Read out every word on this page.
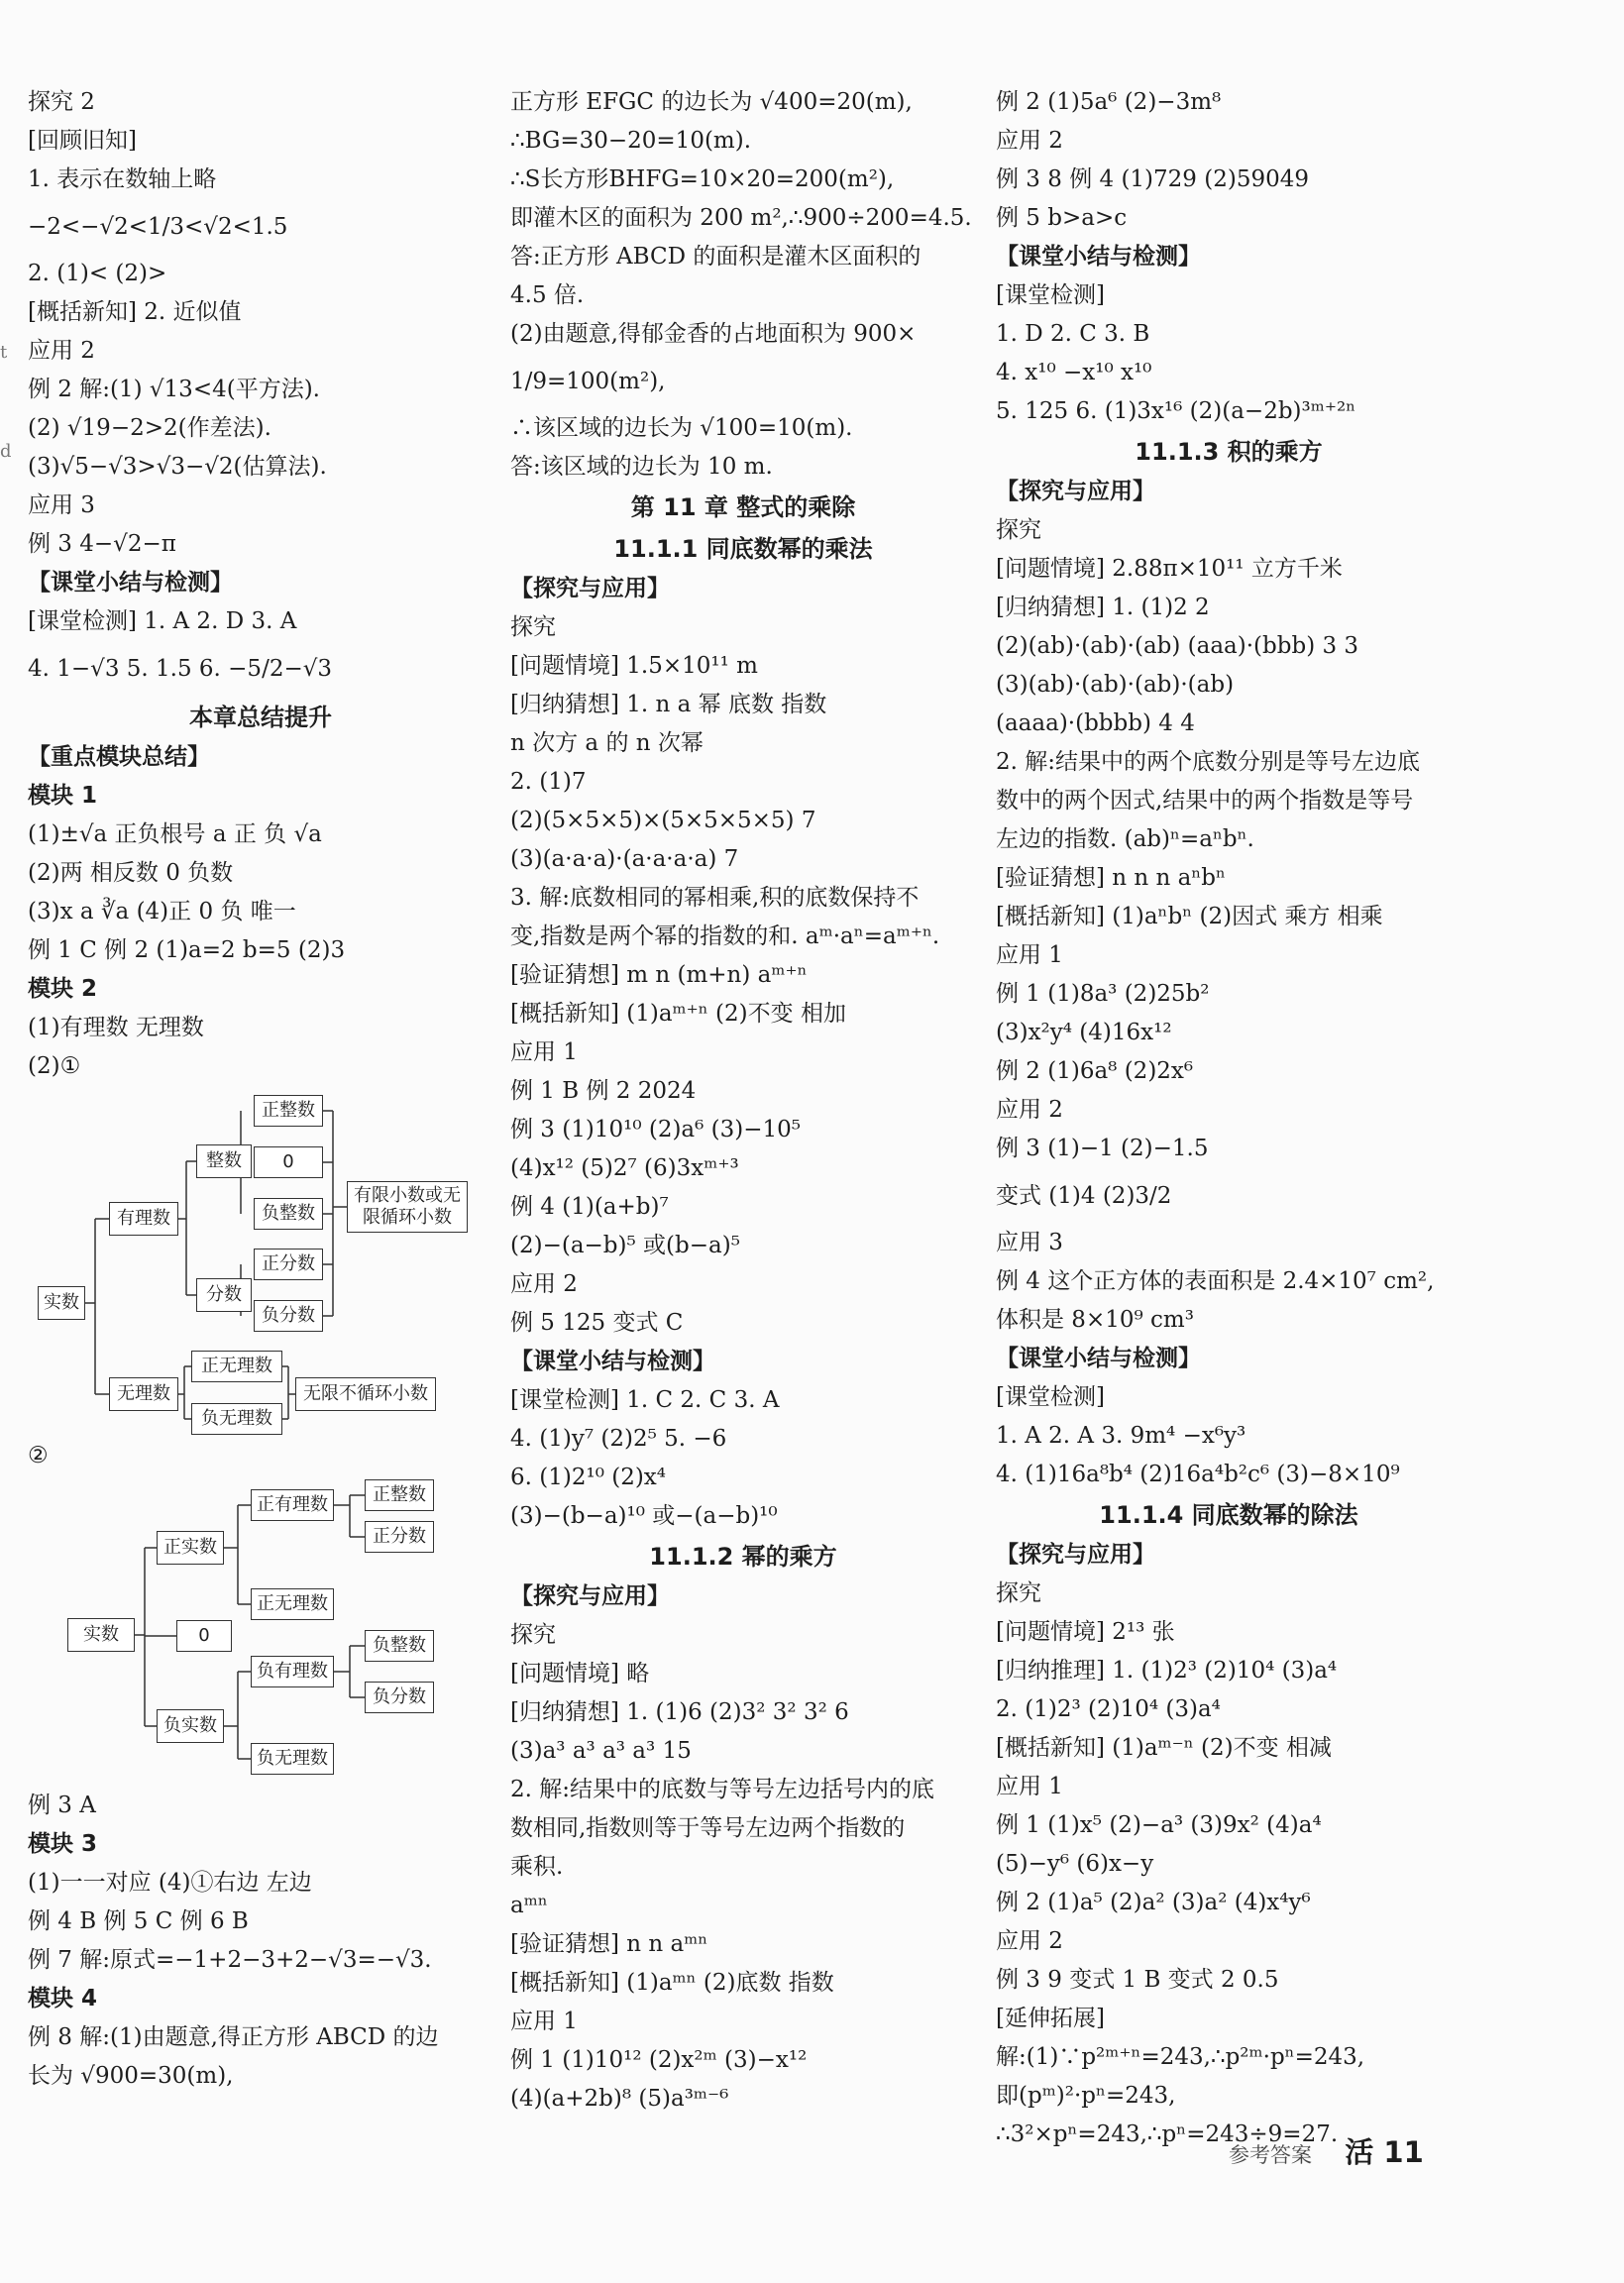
探究 2
[回顾旧知]
1. 表示在数轴上略
−2<−√2<1/3<√2<1.5
2. (1)< (2)>
[概括新知] 2. 近似值
应用 2
例 2 解:(1) √13<4(平方法).
(2) √19−2>2(作差法).
(3)√5−√3>√3−√2(估算法).
应用 3
例 3 4−√2−π
【课堂小结与检测】
[课堂检测] 1. A 2. D 3. A
4. 1−√3 5. 1.5 6. −5/2−√3
本章总结提升
【重点模块总结】
模块 1
(1)±√a 正负根号 a 正 负 √a
(2)两 相反数 0 负数
(3)x a ∛a (4)正 0 负 唯一
例 1 C 例 2 (1)a=2 b=5 (2)3
模块 2
(1)有理数 无理数
(2)①
实数
有理数
无理数
整数
分数
正整数
0
负整数
正分数
负分数
有限小数或无限循环小数
正无理数
负无理数
无限不循环小数
②
实数
正实数
0
负实数
正有理数
正无理数
负有理数
负无理数
正整数
正分数
负整数
负分数
例 3 A
模块 3
(1)一一对应 (4)①右边 左边
例 4 B 例 5 C 例 6 B
例 7 解:原式=−1+2−3+2−√3=−√3.
模块 4
例 8 解:(1)由题意,得正方形 ABCD 的边
长为 √900=30(m),
正方形 EFGC 的边长为 √400=20(m),
∴BG=30−20=10(m).
∴S长方形BHFG=10×20=200(m²),
即灌木区的面积为 200 m²,∴900÷200=4.5.
答:正方形 ABCD 的面积是灌木区面积的
4.5 倍.
(2)由题意,得郁金香的占地面积为 900×
1/9=100(m²),
∴该区域的边长为 √100=10(m).
答:该区域的边长为 10 m.
第 11 章 整式的乘除
11.1.1 同底数幂的乘法
【探究与应用】
探究
[问题情境] 1.5×10¹¹ m
[归纳猜想] 1. n a 幂 底数 指数
n 次方 a 的 n 次幂
2. (1)7
(2)(5×5×5)×(5×5×5×5) 7
(3)(a·a·a)·(a·a·a·a) 7
3. 解:底数相同的幂相乘,积的底数保持不
变,指数是两个幂的指数的和. aᵐ·aⁿ=aᵐ⁺ⁿ.
[验证猜想] m n (m+n) aᵐ⁺ⁿ
[概括新知] (1)aᵐ⁺ⁿ (2)不变 相加
应用 1
例 1 B 例 2 2024
例 3 (1)10¹⁰ (2)a⁶ (3)−10⁵
(4)x¹² (5)2⁷ (6)3xᵐ⁺³
例 4 (1)(a+b)⁷
(2)−(a−b)⁵ 或(b−a)⁵
应用 2
例 5 125 变式 C
【课堂小结与检测】
[课堂检测] 1. C 2. C 3. A
4. (1)y⁷ (2)2⁵ 5. −6
6. (1)2¹⁰ (2)x⁴
(3)−(b−a)¹⁰ 或−(a−b)¹⁰
11.1.2 幂的乘方
【探究与应用】
探究
[问题情境] 略
[归纳猜想] 1. (1)6 (2)3² 3² 3² 6
(3)a³ a³ a³ a³ 15
2. 解:结果中的底数与等号左边括号内的底
数相同,指数则等于等号左边两个指数的
乘积.
aᵐⁿ
[验证猜想] n n aᵐⁿ
[概括新知] (1)aᵐⁿ (2)底数 指数
应用 1
例 1 (1)10¹² (2)x²ᵐ (3)−x¹²
(4)(a+2b)⁸ (5)a³ᵐ⁻⁶
例 2 (1)5a⁶ (2)−3m⁸
应用 2
例 3 8 例 4 (1)729 (2)59049
例 5 b>a>c
【课堂小结与检测】
[课堂检测]
1. D 2. C 3. B
4. x¹⁰ −x¹⁰ x¹⁰
5. 125 6. (1)3x¹⁶ (2)(a−2b)³ᵐ⁺²ⁿ
11.1.3 积的乘方
【探究与应用】
探究
[问题情境] 2.88π×10¹¹ 立方千米
[归纳猜想] 1. (1)2 2
(2)(ab)·(ab)·(ab) (aaa)·(bbb) 3 3
(3)(ab)·(ab)·(ab)·(ab)
(aaaa)·(bbbb) 4 4
2. 解:结果中的两个底数分别是等号左边底
数中的两个因式,结果中的两个指数是等号
左边的指数. (ab)ⁿ=aⁿbⁿ.
[验证猜想] n n n aⁿbⁿ
[概括新知] (1)aⁿbⁿ (2)因式 乘方 相乘
应用 1
例 1 (1)8a³ (2)25b²
(3)x²y⁴ (4)16x¹²
例 2 (1)6a⁸ (2)2x⁶
应用 2
例 3 (1)−1 (2)−1.5
变式 (1)4 (2)3/2
应用 3
例 4 这个正方体的表面积是 2.4×10⁷ cm²,
体积是 8×10⁹ cm³
【课堂小结与检测】
[课堂检测]
1. A 2. A 3. 9m⁴ −x⁶y³
4. (1)16a⁸b⁴ (2)16a⁴b²c⁶ (3)−8×10⁹
11.1.4 同底数幂的除法
【探究与应用】
探究
[问题情境] 2¹³ 张
[归纳推理] 1. (1)2³ (2)10⁴ (3)a⁴
2. (1)2³ (2)10⁴ (3)a⁴
[概括新知] (1)aᵐ⁻ⁿ (2)不变 相减
应用 1
例 1 (1)x⁵ (2)−a³ (3)9x² (4)a⁴
(5)−y⁶ (6)x−y
例 2 (1)a⁵ (2)a² (3)a² (4)x⁴y⁶
应用 2
例 3 9 变式 1 B 变式 2 0.5
[延伸拓展]
解:(1)∵p²ᵐ⁺ⁿ=243,∴p²ᵐ·pⁿ=243,
即(pᵐ)²·pⁿ=243,
∴3²×pⁿ=243,∴pⁿ=243÷9=27.
t
d
参考答案 活 11
